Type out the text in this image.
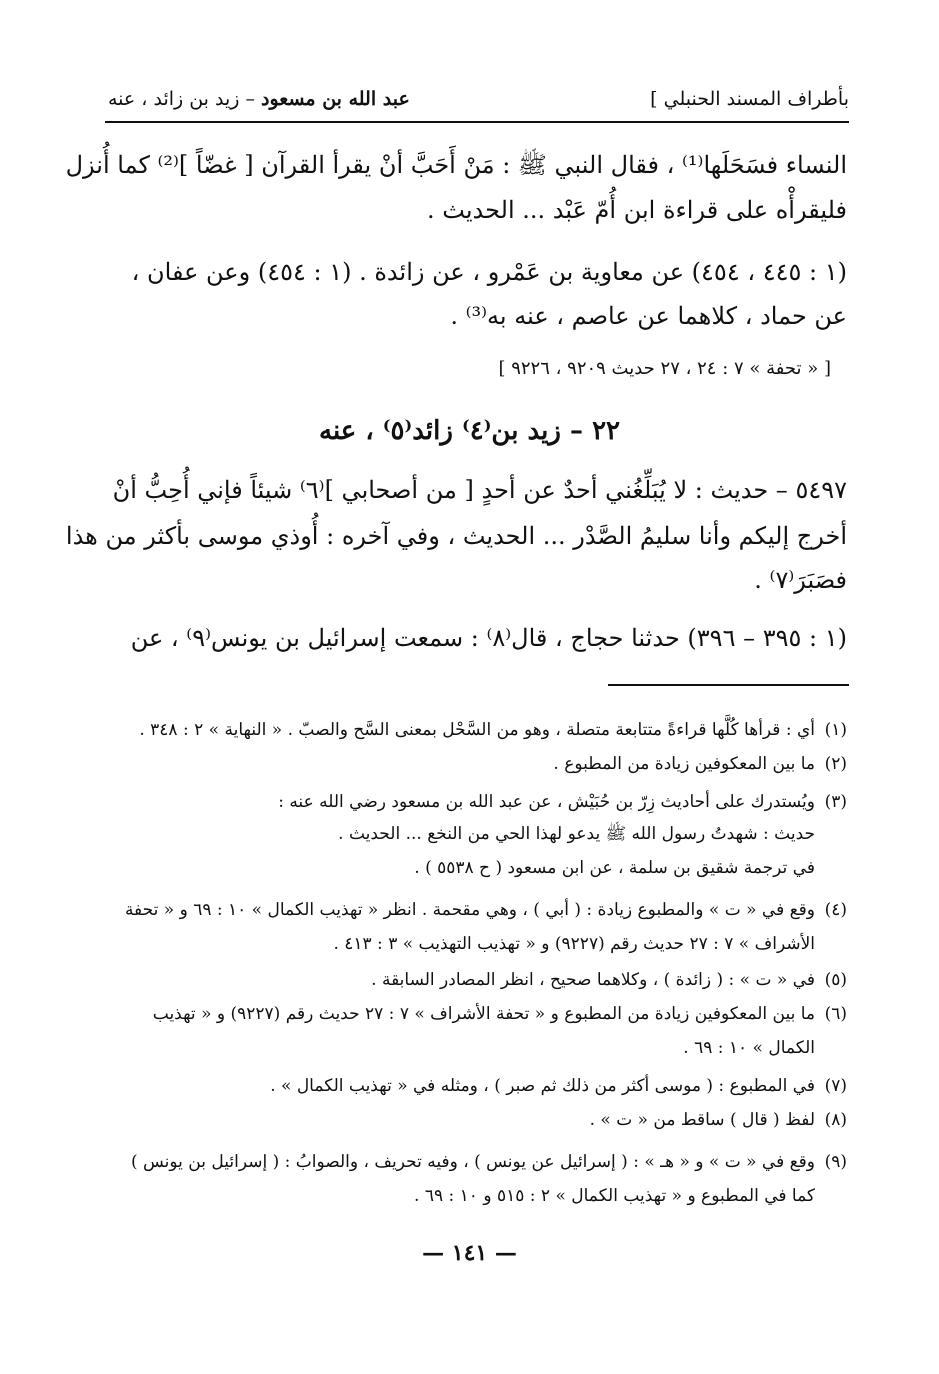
بأطراف المسند الحنبلي ]
عبد الله بن مسعود – زيد بن زائد ، عنه
النساء فسَحَلَها⁽¹⁾ ، فقال النبي ﷺ : مَنْ أَحَبَّ أنْ يقرأ القرآن [ غضّاً ]⁽²⁾ كما أُنزل
فليقرأْه على قراءة ابن أُمّ عَبْد ... الحديث .
(١ : ٤٤٥ ، ٤٥٤) عن معاوية بن عَمْرو ، عن زائدة . (١ : ٤٥٤) وعن عفان ،
عن حماد ، كلاهما عن عاصم ، عنه به⁽³⁾ .
[ « تحفة » ٧ : ٢٤ ، ٢٧ حديث ٩٢٠٩ ، ٩٢٢٦ ]
٢٢ – زيد بن⁽٤⁾ زائد⁽٥⁾ ، عنه
٥٤٩٧ – حديث : لا يُبَلِّغُني أحدٌ عن أحدٍ [ من أصحابي ]⁽٦⁾ شيئاً فإني أُحِبُّ أنْ
أخرج إليكم وأنا سليمُ الصَّدْر ... الحديث ، وفي آخره : أُوذي موسى بأكثر من هذا
فصَبَرَ⁽٧⁾ .
(١ : ٣٩٥ – ٣٩٦) حدثنا حجاج ، قال⁽٨⁾ : سمعت إسرائيل بن يونس⁽٩⁾ ، عن
(١)أي : قرأها كُلَّها قراءةً متتابعة متصلة ، وهو من السَّحْل بمعنى السَّح والصبّ . « النهاية » ٢ : ٣٤٨ .
(٢)ما بين المعكوفين زيادة من المطبوع .
(٣)ويُستدرك على أحاديث زِرّ بن حُبَيْش ، عن عبد الله بن مسعود رضي الله عنه :
حديث : شهدتُ رسول الله ﷺ يدعو لهذا الحي من النخع ... الحديث .
في ترجمة شقيق بن سلمة ، عن ابن مسعود ( ح ٥٥٣٨ ) .
(٤)وقع في « ت » والمطبوع زيادة : ( أبي ) ، وهي مقحمة . انظر « تهذيب الكمال » ١٠ : ٦٩ و « تحفة
الأشراف » ٧ : ٢٧ حديث رقم (٩٢٢٧) و « تهذيب التهذيب » ٣ : ٤١٣ .
(٥)في « ت » : ( زائدة ) ، وكلاهما صحيح ، انظر المصادر السابقة .
(٦)ما بين المعكوفين زيادة من المطبوع و « تحفة الأشراف » ٧ : ٢٧ حديث رقم (٩٢٢٧) و « تهذيب
الكمال » ١٠ : ٦٩ .
(٧)في المطبوع : ( موسى أكثر من ذلك ثم صبر ) ، ومثله في « تهذيب الكمال » .
(٨)لفظ ( قال ) ساقط من « ت » .
(٩)وقع في « ت » و « هـ » : ( إسرائيل عن يونس ) ، وفيه تحريف ، والصوابُ : ( إسرائيل بن يونس )
كما في المطبوع و « تهذيب الكمال » ٢ : ٥١٥ و ١٠ : ٦٩ .
— ١٤١ —
